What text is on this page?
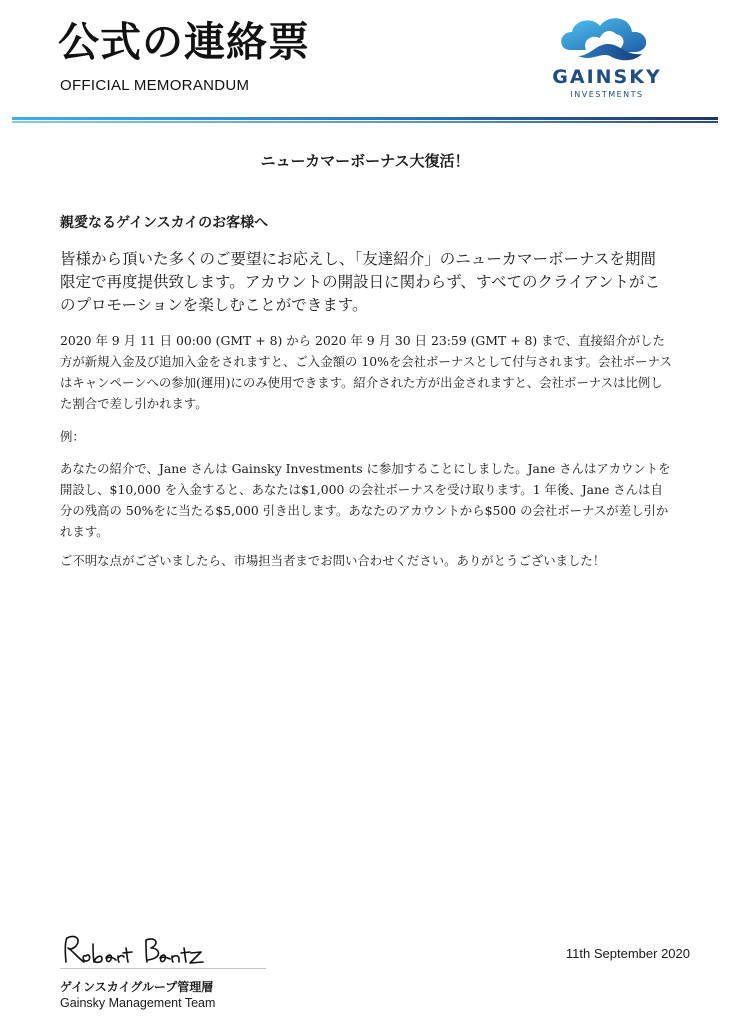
公式の連絡票
OFFICIAL MEMORANDUM	GAINSKY
INVESTMENTS
ニューカマーボーナス大復活！
親愛なるゲインスカイのお客様へ
皆様から頂いた多くのご要望にお応えし、「友達紹介」のニューカマーボーナスを期間限定で再度提供致します。アカウントの開設日に関わらず、すべてのクライアントがこのプロモーションを楽しむことができます。
2020 年 9 月 11 日 00:00 (GMT + 8) から 2020 年 9 月 30 日 23:59 (GMT + 8) まで、直接紹介がした方が新規入金及び追加入金をされますと、ご入金額の 10%を会社ボーナスとして付与されます。会社ボーナスはキャンペーンへの参加(運用)にのみ使用できます。紹介された方が出金されますと、会社ボーナスは比例した割合で差し引かれます。
例：
あなたの紹介で、Jane さんは Gainsky Investments に参加することにしました。Jane さんはアカウントを開設し、$10,000 を入金すると、あなたは$1,000 の会社ボーナスを受け取ります。1 年後、Jane さんは自分の残高の 50%をに当たる$5,000 引き出します。あなたのアカウントから$500 の会社ボーナスが差し引かれます。
ご不明な点がございましたら、市場担当者までお問い合わせください。ありがとうございました！
ゲインスカイグループ管理層
Gainsky Management Team
11th September 2020
